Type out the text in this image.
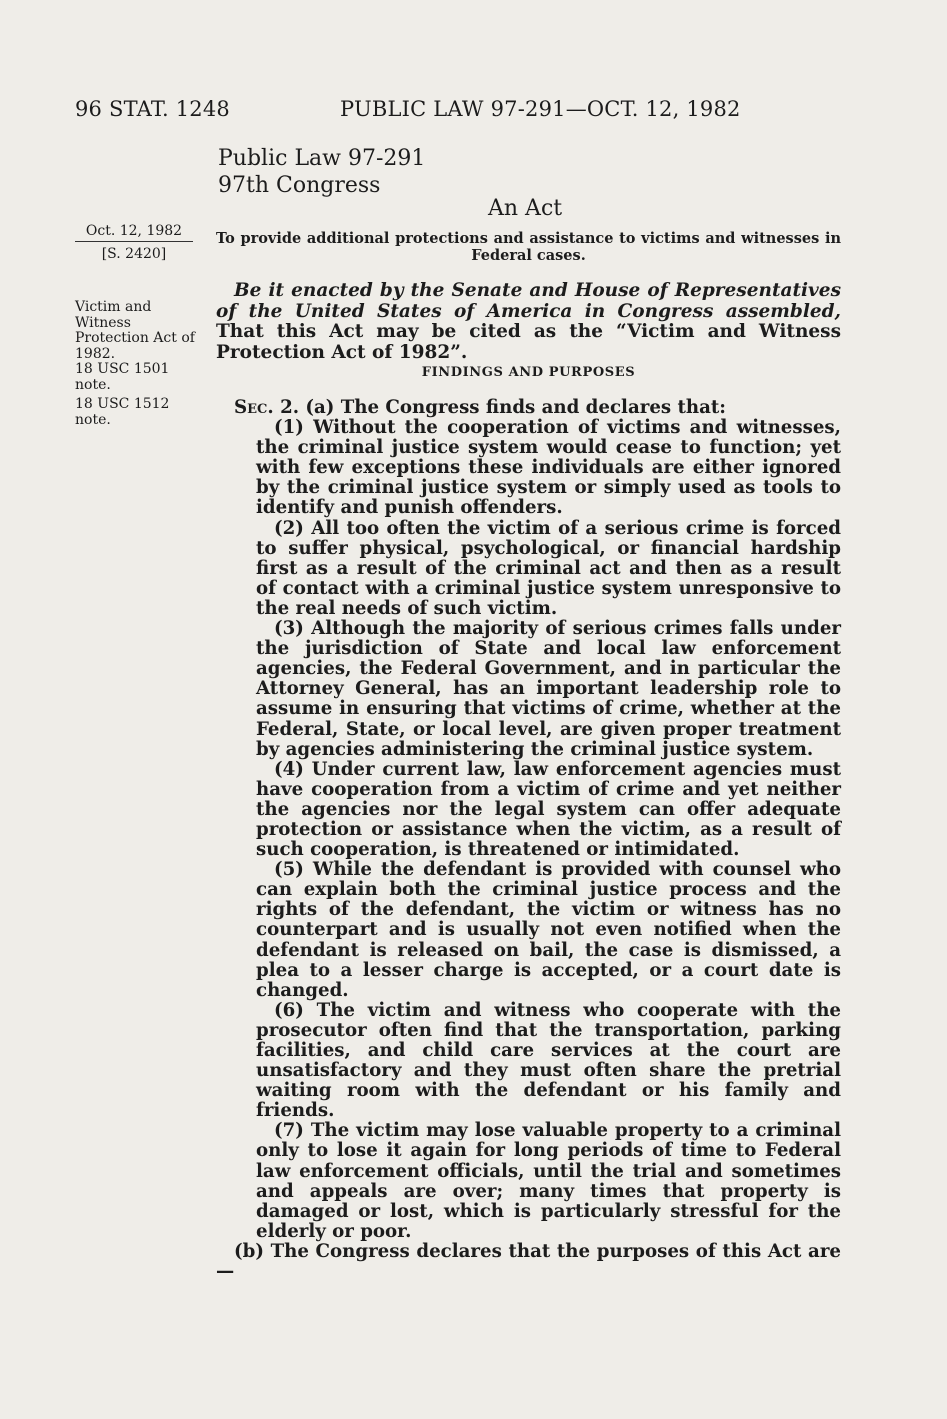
96 STAT. 1248	PUBLIC LAW 97-291—OCT. 12, 1982
Public Law 97-291
97th Congress
An Act
Oct. 12, 1982
[S. 2420]
To provide additional protections and assistance to victims and witnesses in Federal cases.
Victim and
Witness
Protection Act of
1982.
18 USC 1501
note.
18 USC 1512
note.
Be it enacted by the Senate and House of Representatives of the United States of America in Congress assembled, That this Act may be cited as the “Victim and Witness Protection Act of 1982”.
FINDINGS AND PURPOSES

Sec. 2. (a) The Congress finds and declares that:

(1) Without the cooperation of victims and witnesses, the criminal justice system would cease to function; yet with few exceptions these individuals are either ignored by the criminal justice system or simply used as tools to identify and punish offenders.

(2) All too often the victim of a serious crime is forced to suffer physical, psychological, or financial hardship first as a result of the criminal act and then as a result of contact with a criminal justice system unresponsive to the real needs of such victim.

(3) Although the majority of serious crimes falls under the jurisdiction of State and local law enforcement agencies, the Federal Government, and in particular the Attorney General, has an important leadership role to assume in ensuring that victims of crime, whether at the Federal, State, or local level, are given proper treatment by agencies administering the criminal justice system.

(4) Under current law, law enforcement agencies must have cooperation from a victim of crime and yet neither the agencies nor the legal system can offer adequate protection or assistance when the victim, as a result of such cooperation, is threatened or intimidated.

(5) While the defendant is provided with counsel who can explain both the criminal justice process and the rights of the defendant, the victim or witness has no counterpart and is usually not even notified when the defendant is released on bail, the case is dismissed, a plea to a lesser charge is accepted, or a court date is changed.

(6) The victim and witness who cooperate with the prosecutor often find that the transportation, parking facilities, and child care services at the court are unsatisfactory and they must often share the pretrial waiting room with the defendant or his family and friends.

(7) The victim may lose valuable property to a criminal only to lose it again for long periods of time to Federal law enforcement officials, until the trial and sometimes and appeals are over; many times that property is damaged or lost, which is particularly stressful for the elderly or poor.

(b) The Congress declares that the purposes of this Act are—
